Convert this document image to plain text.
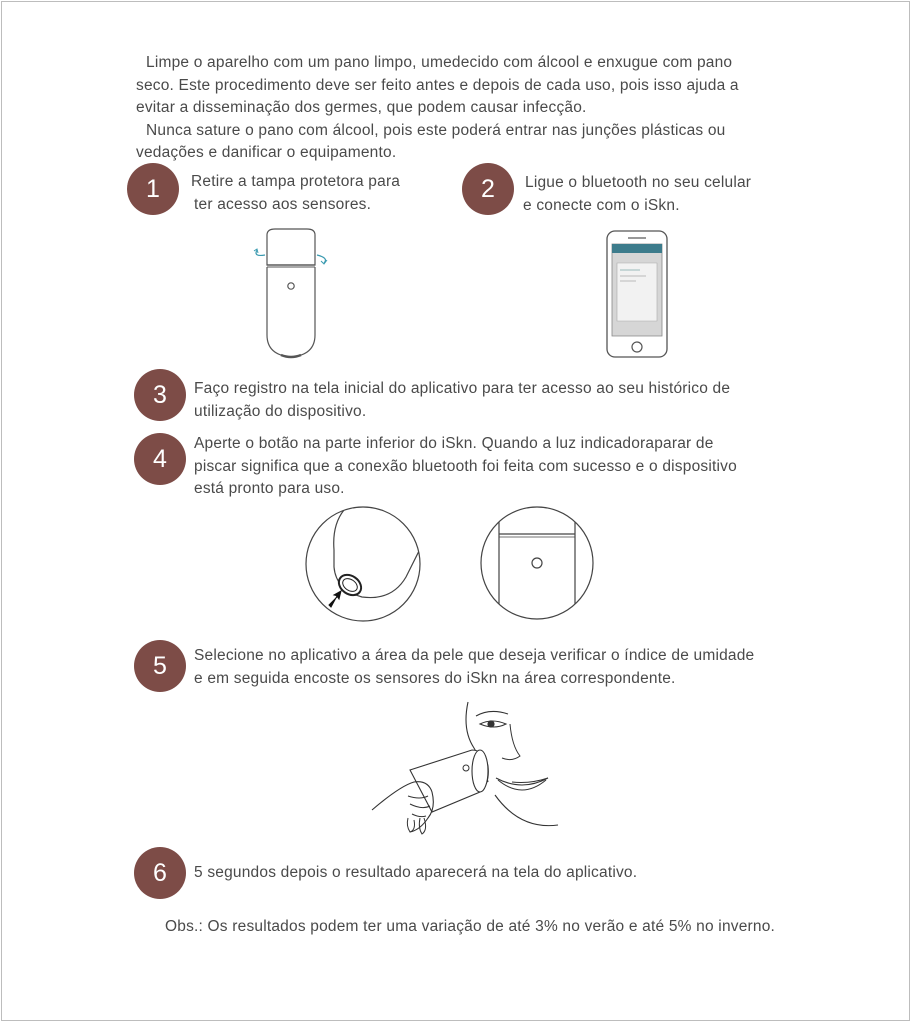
Limpe o aparelho com um pano limpo, umedecido com álcool e enxugue com pano
seco. Este procedimento deve ser feito antes e depois de cada uso, pois isso ajuda a
evitar a disseminação dos germes, que podem causar infecção.

Nunca sature o pano com álcool, pois este poderá entrar nas junções plásticas ou
vedações e danificar o equipamento.

1	Retire a tampa protetora para
ter acesso aos sensores.
2	Ligue o bluetooth no seu celular
e conecte com o iSkn.
3	Faço registro na tela inicial do aplicativo para ter acesso ao seu histórico de
utilização do dispositivo.
4
Aperte o botão na parte inferior do iSkn. Quando a luz indicadoraparar de
piscar significa que a conexão bluetooth foi feita com sucesso e o dispositivo
está pronto para uso.
5	Selecione no aplicativo a área da pele que deseja verificar o índice de umidade
e em seguida encoste os sensores do iSkn na área correspondente.
6	5 segundos depois o resultado aparecerá na tela do aplicativo.
Obs.: Os resultados podem ter uma variação de até 3% no verão e até 5% no inverno.
